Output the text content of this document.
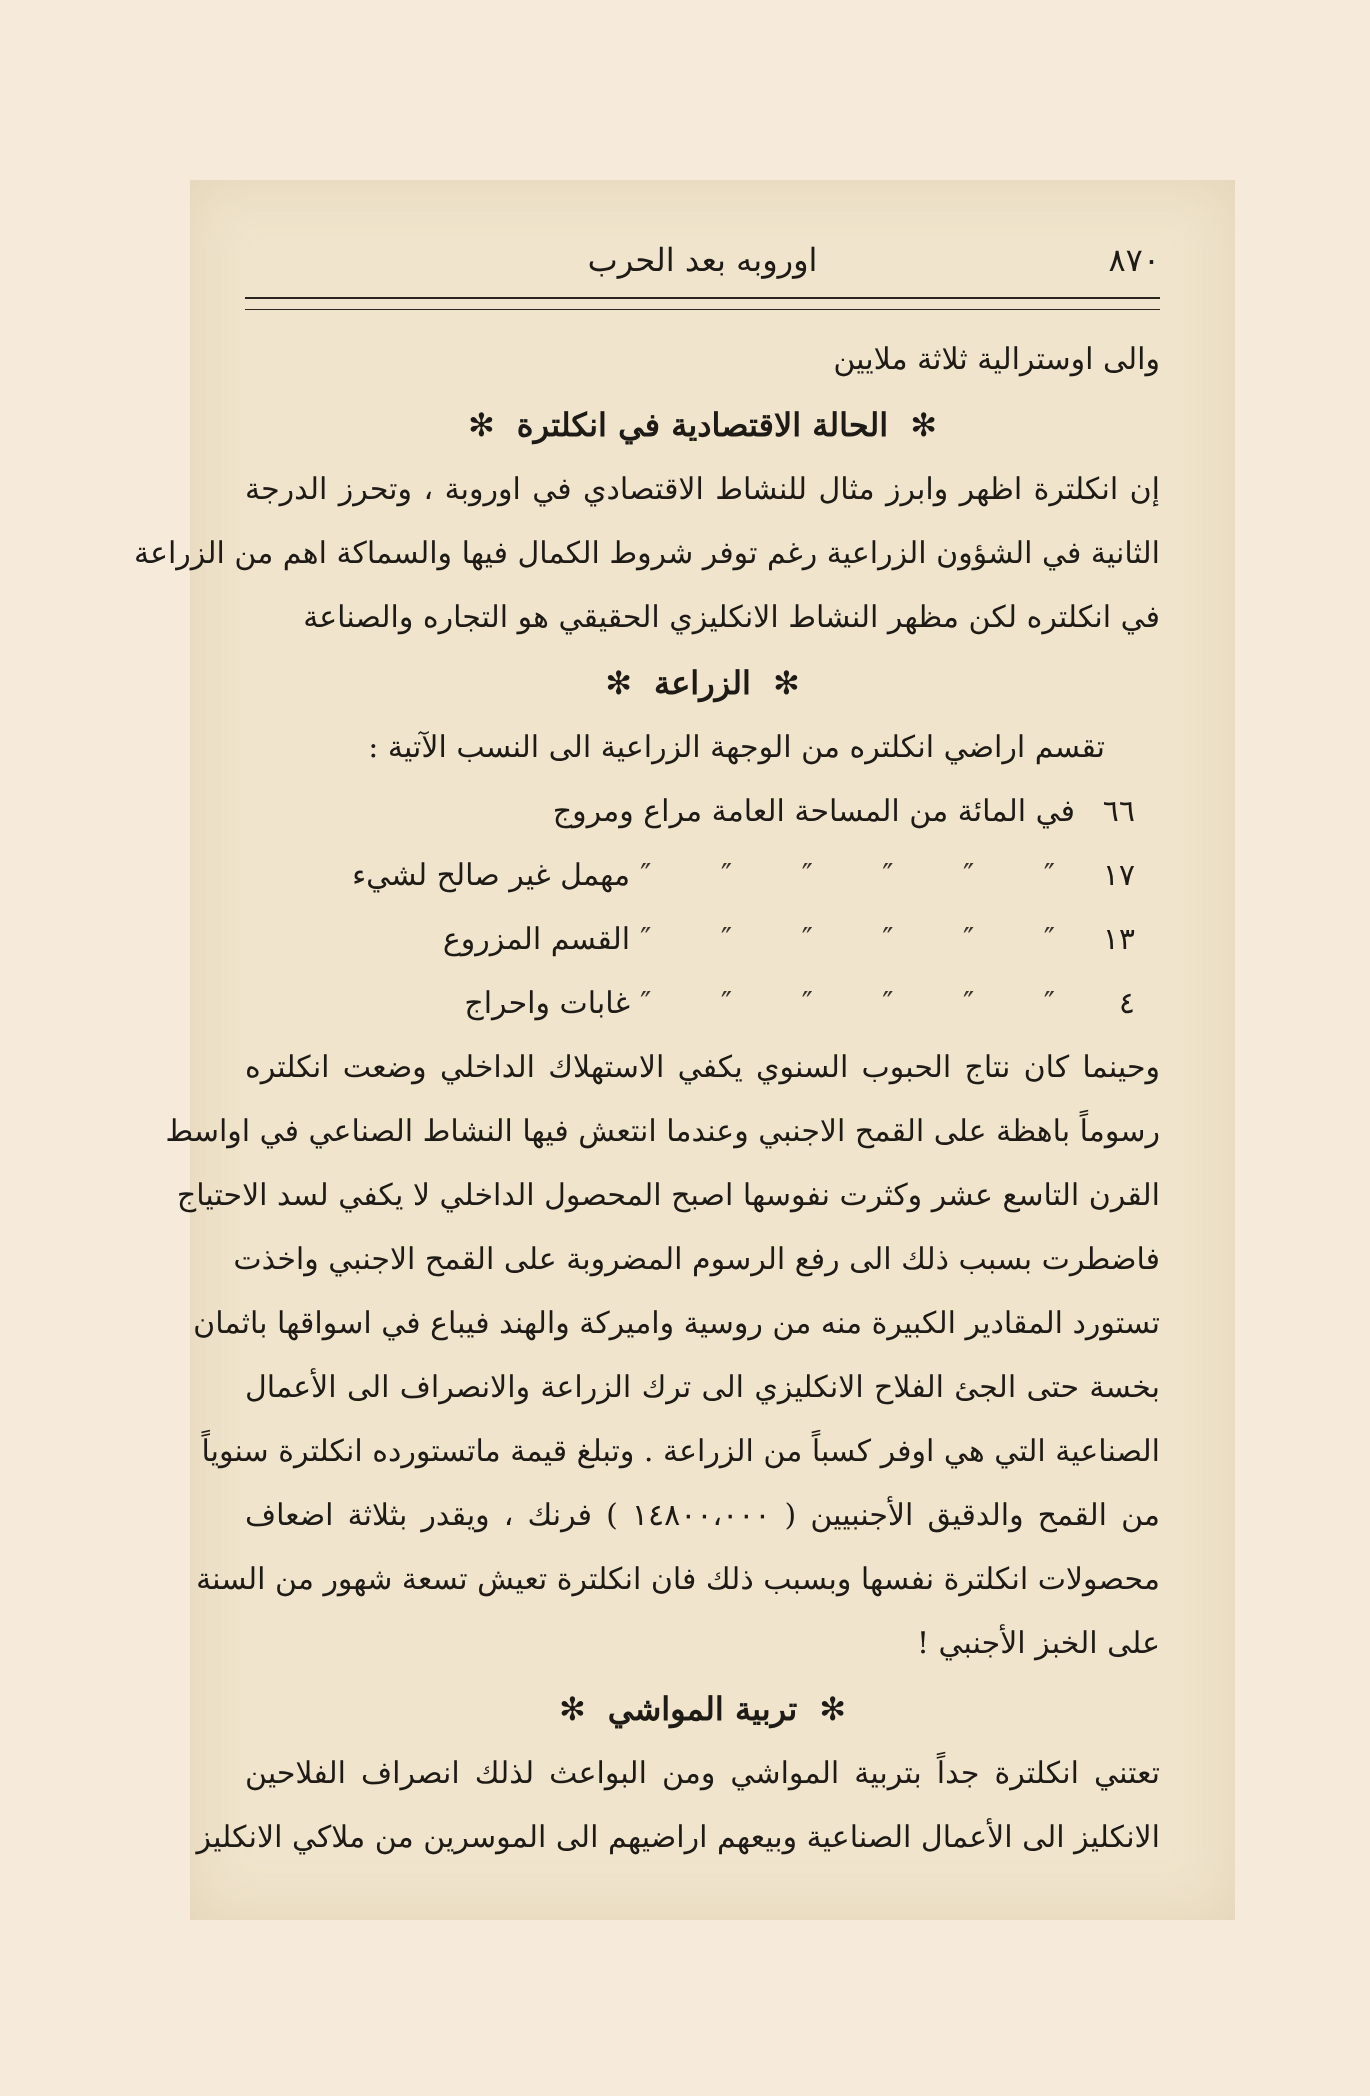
٨٧٠
اوروبه بعد الحرب
والى اوسترالية ثلاثة ملايين
✻الحالة الاقتصادية في انكلترة✻
إن انكلترة اظهر وابرز مثال للنشاط الاقتصادي في اوروبة ، وتحرز الدرجة
الثانية في الشؤون الزراعية رغم توفر شروط الكمال فيها والسماكة اهم من الزراعة
في انكلتره لكن مظهر النشاط الانكليزي الحقيقي هو التجاره والصناعة
✻الزراعة✻
تقسم اراضي انكلتره من الوجهة الزراعية الى النسب الآتية :
٦٦في المائة من المساحة العامة مراع ومروج
١٧″ ″ ″ ″ ″ ″مهمل غير صالح لشيء
١٣″ ″ ″ ″ ″ ″القسم المزروع
٤″ ″ ″ ″ ″ ″غابات واحراج
وحينما كان نتاج الحبوب السنوي يكفي الاستهلاك الداخلي وضعت انكلتره
رسوماً باهظة على القمح الاجنبي وعندما انتعش فيها النشاط الصناعي في اواسط
القرن التاسع عشر وكثرت نفوسها اصبح المحصول الداخلي لا يكفي لسد الاحتياج
فاضطرت بسبب ذلك الى رفع الرسوم المضروبة على القمح الاجنبي واخذت
تستورد المقادير الكبيرة منه من روسية واميركة والهند فيباع في اسواقها باثمان
بخسة حتى الجئ الفلاح الانكليزي الى ترك الزراعة والانصراف الى الأعمال
الصناعية التي هي اوفر كسباً من الزراعة . وتبلغ قيمة ماتستورده انكلترة سنوياً
من القمح والدقيق الأجنبيين ( ١٤٨٠٠،٠٠٠ ) فرنك ، ويقدر بثلاثة اضعاف
محصولات انكلترة نفسها وبسبب ذلك فان انكلترة تعيش تسعة شهور من السنة
على الخبز الأجنبي !
✻تربية المواشي✻
تعتني انكلترة جداً بتربية المواشي ومن البواعث لذلك انصراف الفلاحين
الانكليز الى الأعمال الصناعية وبيعهم اراضيهم الى الموسرين من ملاكي الانكليز
